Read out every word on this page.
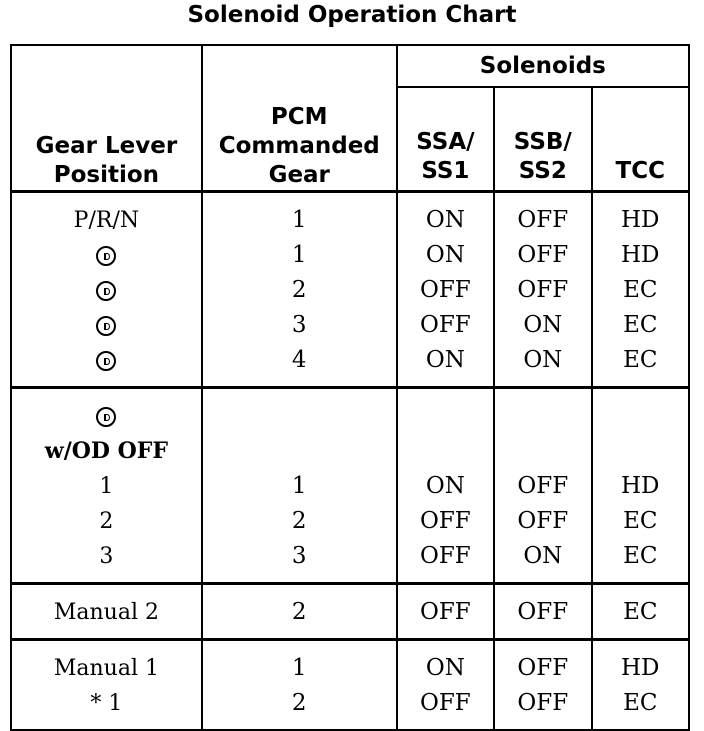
Solenoid Operation Chart
Gear Lever Position	PCM Commanded Gear	Solenoids		
		SSA/ SS1	SSB/ SS2	TCC
P/R/N	1	ON	OFF	HD
	1	ON	OFF	HD
	2	OFF	OFF	EC
	3	OFF	ON	EC
	4	ON	ON	EC

w/OD OFF				
1	1	ON	OFF	HD
2	2	OFF	OFF	EC
3	3	OFF	ON	EC
Manual 2	2	OFF	OFF	EC
Manual 1	1	ON	OFF	HD
* 1	2	OFF	OFF	EC
